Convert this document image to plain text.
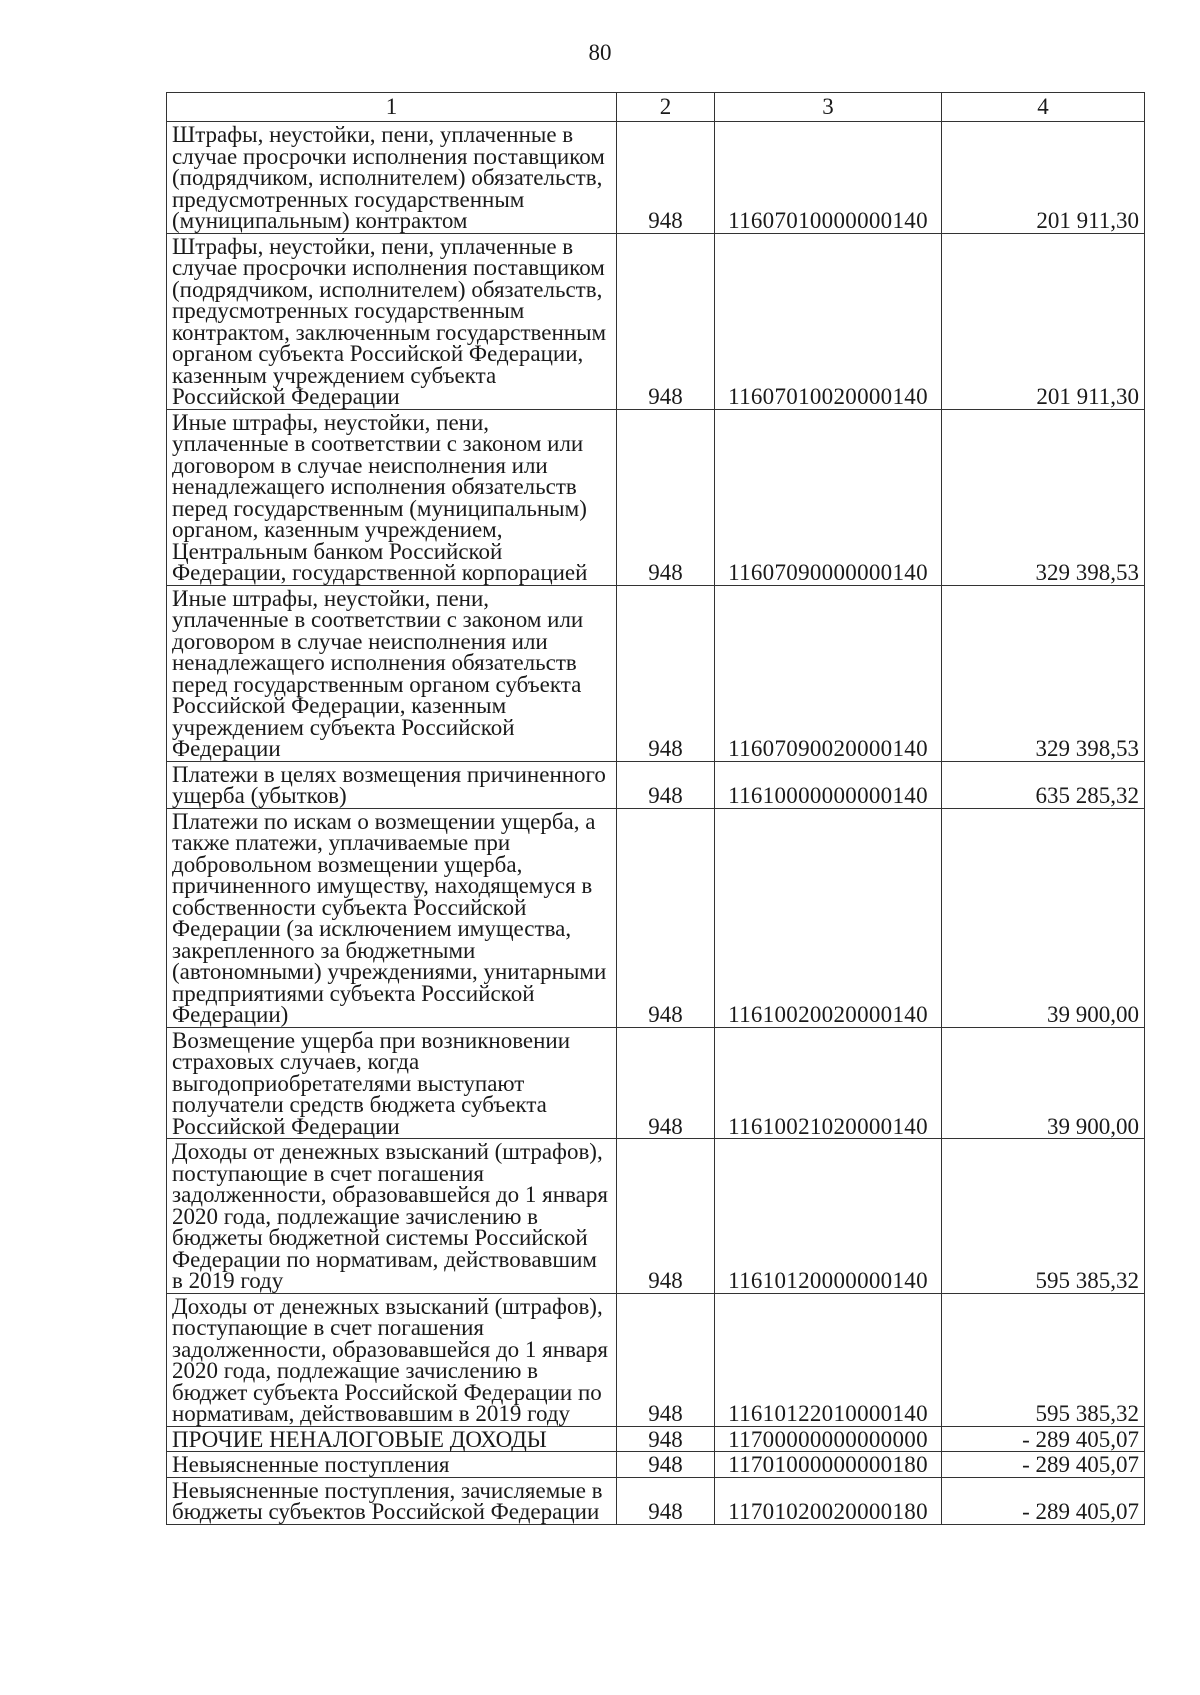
80
1	2	3	4
Штрафы, неустойки, пени, уплаченные в случае просрочки исполнения поставщиком (подрядчиком, исполнителем) обязательств, предусмотренных государственным (муниципальным) контрактом	948	11607010000000140	201 911,30
Штрафы, неустойки, пени, уплаченные в случае просрочки исполнения поставщиком (подрядчиком, исполнителем) обязательств, предусмотренных государственным контрактом, заключенным государственным органом субъекта Российской Федерации, казенным учреждением субъекта Российской Федерации	948	11607010020000140	201 911,30
Иные штрафы, неустойки, пени, уплаченные в соответствии с законом или договором в случае неисполнения или ненадлежащего исполнения обязательств перед государственным (муниципальным) органом, казенным учреждением, Центральным банком Российской Федерации, государственной корпорацией	948	11607090000000140	329 398,53
Иные штрафы, неустойки, пени, уплаченные в соответствии с законом или договором в случае неисполнения или ненадлежащего исполнения обязательств перед государственным органом субъекта Российской Федерации, казенным учреждением субъекта Российской Федерации	948	11607090020000140	329 398,53
Платежи в целях возмещения причиненного ущерба (убытков)	948	11610000000000140	635 285,32
Платежи по искам о возмещении ущерба, а также платежи, уплачиваемые при добровольном возмещении ущерба, причиненного имуществу, находящемуся в собственности субъекта Российской Федерации (за исключением имущества, закрепленного за бюджетными (автономными) учреждениями, унитарными предприятиями субъекта Российской Федерации)	948	11610020020000140	39 900,00
Возмещение ущерба при возникновении страховых случаев, когда выгодоприобретателями выступают получатели средств бюджета субъекта Российской Федерации	948	11610021020000140	39 900,00
Доходы от денежных взысканий (штрафов), поступающие в счет погашения задолженности, образовавшейся до 1 января 2020 года, подлежащие зачислению в бюджеты бюджетной системы Российской Федерации по нормативам, действовавшим в 2019 году	948	11610120000000140	595 385,32
Доходы от денежных взысканий (штрафов), поступающие в счет погашения задолженности, образовавшейся до 1 января 2020 года, подлежащие зачислению в бюджет субъекта Российской Федерации по нормативам, действовавшим в 2019 году	948	11610122010000140	595 385,32
ПРОЧИЕ НЕНАЛОГОВЫЕ ДОХОДЫ	948	11700000000000000	- 289 405,07
Невыясненные поступления	948	11701000000000180	- 289 405,07
Невыясненные поступления, зачисляемые в бюджеты субъектов Российской Федерации	948	11701020020000180	- 289 405,07
